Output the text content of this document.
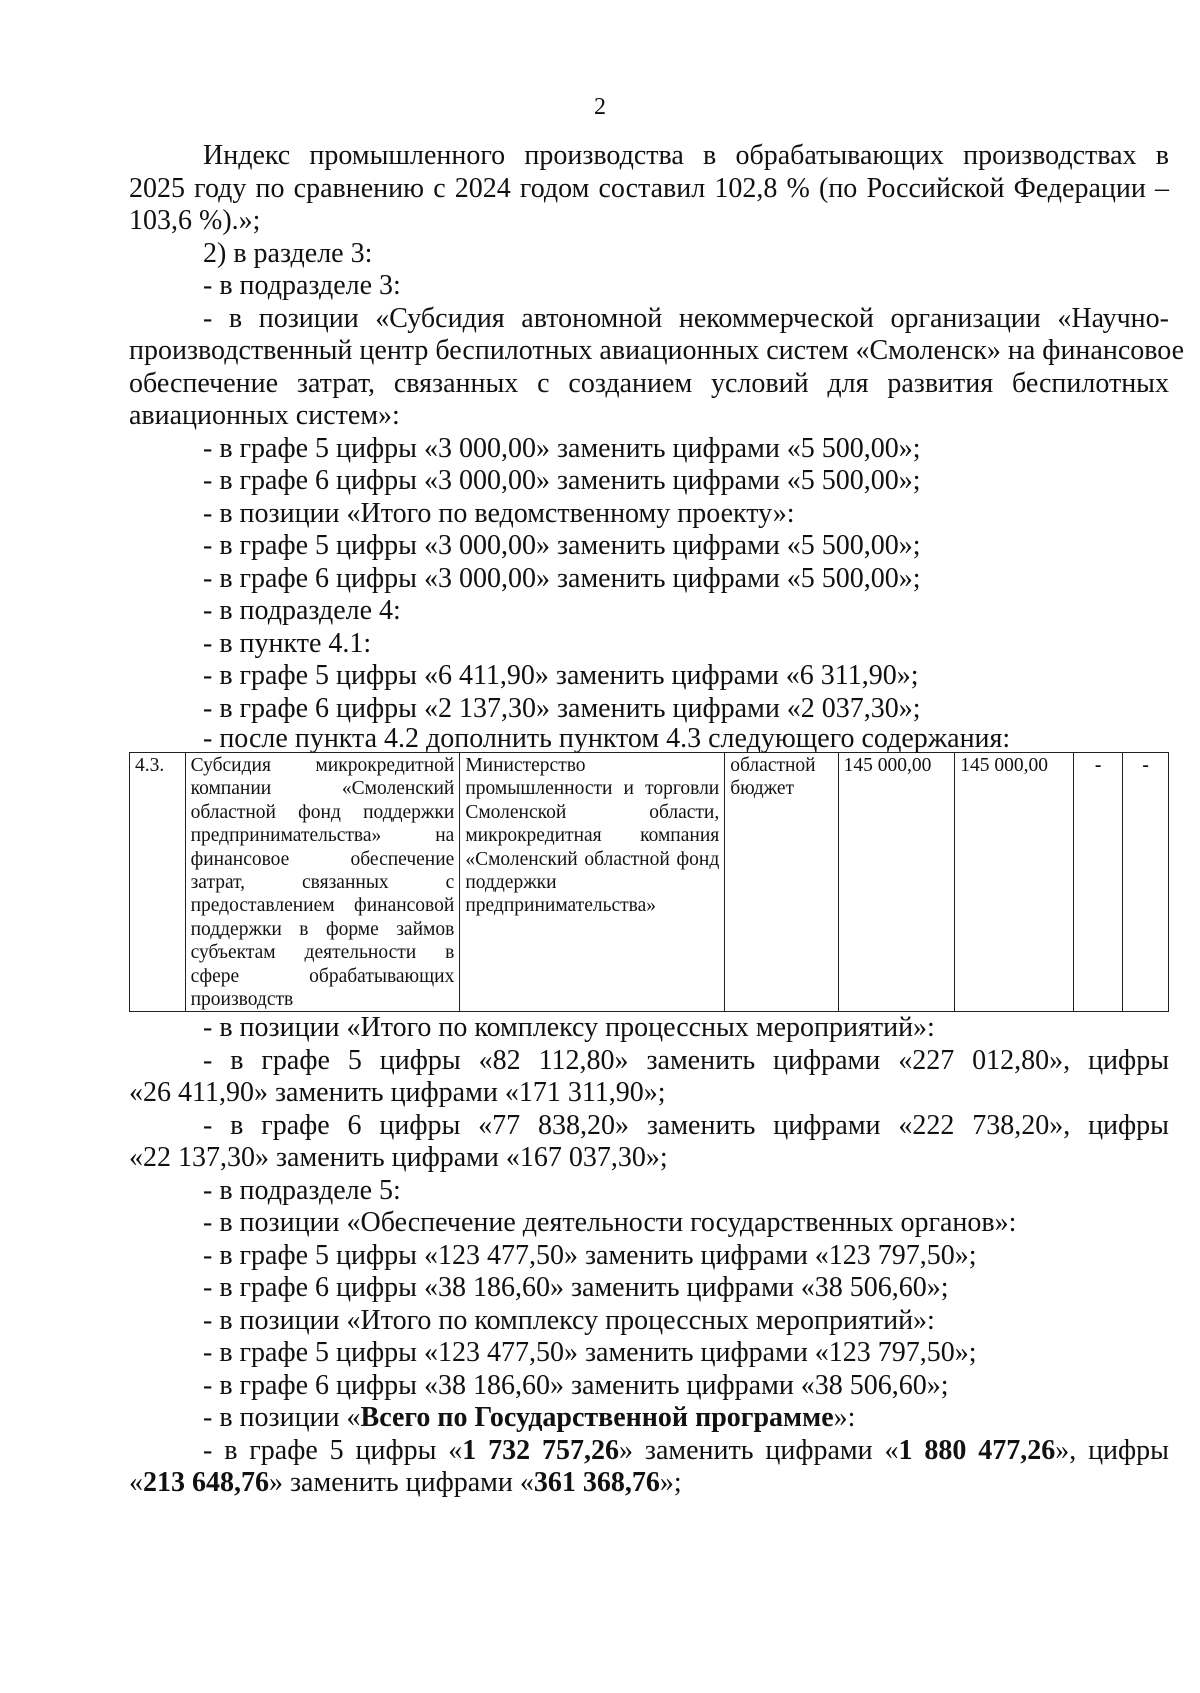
2
Индекс промышленного производства в обрабатывающих производствах в
2025 году по сравнению с 2024 годом составил 102,8 % (по Российской Федерации –
103,6 %).»;
2) в разделе 3:
- в подразделе 3:
- в позиции «Субсидия автономной некоммерческой организации «Научно-
производственный центр беспилотных авиационных систем «Смоленск» на финансовое
обеспечение затрат, связанных с созданием условий для развития беспилотных
авиационных систем»:
- в графе 5 цифры «3 000,00» заменить цифрами «5 500,00»;
- в графе 6 цифры «3 000,00» заменить цифрами «5 500,00»;
- в позиции «Итого по ведомственному проекту»:
- в графе 5 цифры «3 000,00» заменить цифрами «5 500,00»;
- в графе 6 цифры «3 000,00» заменить цифрами «5 500,00»;
- в подразделе 4:
- в пункте 4.1:
- в графе 5 цифры «6 411,90» заменить цифрами «6 311,90»;
- в графе 6 цифры «2 137,30» заменить цифрами «2 037,30»;
- после пункта 4.2 дополнить пунктом 4.3 следующего содержания:
4.3.	Субсидия микрокредитной компании «Смоленский областной фонд поддержки предпринимательства» на финансовое обеспечение затрат, связанных с предоставлением финансовой поддержки в форме займов субъектам деятельности в сфере обрабатывающих производств	Министерство промышленности и торговли Смоленской области, микрокредитная компания «Смоленский областной фонд поддержки предпринимательства»	областной бюджет	145 000,00	145 000,00	-	-
- в позиции «Итого по комплексу процессных мероприятий»:
- в графе 5 цифры «82 112,80» заменить цифрами «227 012,80», цифры
«26 411,90» заменить цифрами «171 311,90»;
- в графе 6 цифры «77 838,20» заменить цифрами «222 738,20», цифры
«22 137,30» заменить цифрами «167 037,30»;
- в подразделе 5:
- в позиции «Обеспечение деятельности государственных органов»:
- в графе 5 цифры «123 477,50» заменить цифрами «123 797,50»;
- в графе 6 цифры «38 186,60» заменить цифрами «38 506,60»;
- в позиции «Итого по комплексу процессных мероприятий»:
- в графе 5 цифры «123 477,50» заменить цифрами «123 797,50»;
- в графе 6 цифры «38 186,60» заменить цифрами «38 506,60»;
- в позиции «Всего по Государственной программе»:
- в графе 5 цифры «1 732 757,26» заменить цифрами «1 880 477,26», цифры
«213 648,76» заменить цифрами «361 368,76»;
